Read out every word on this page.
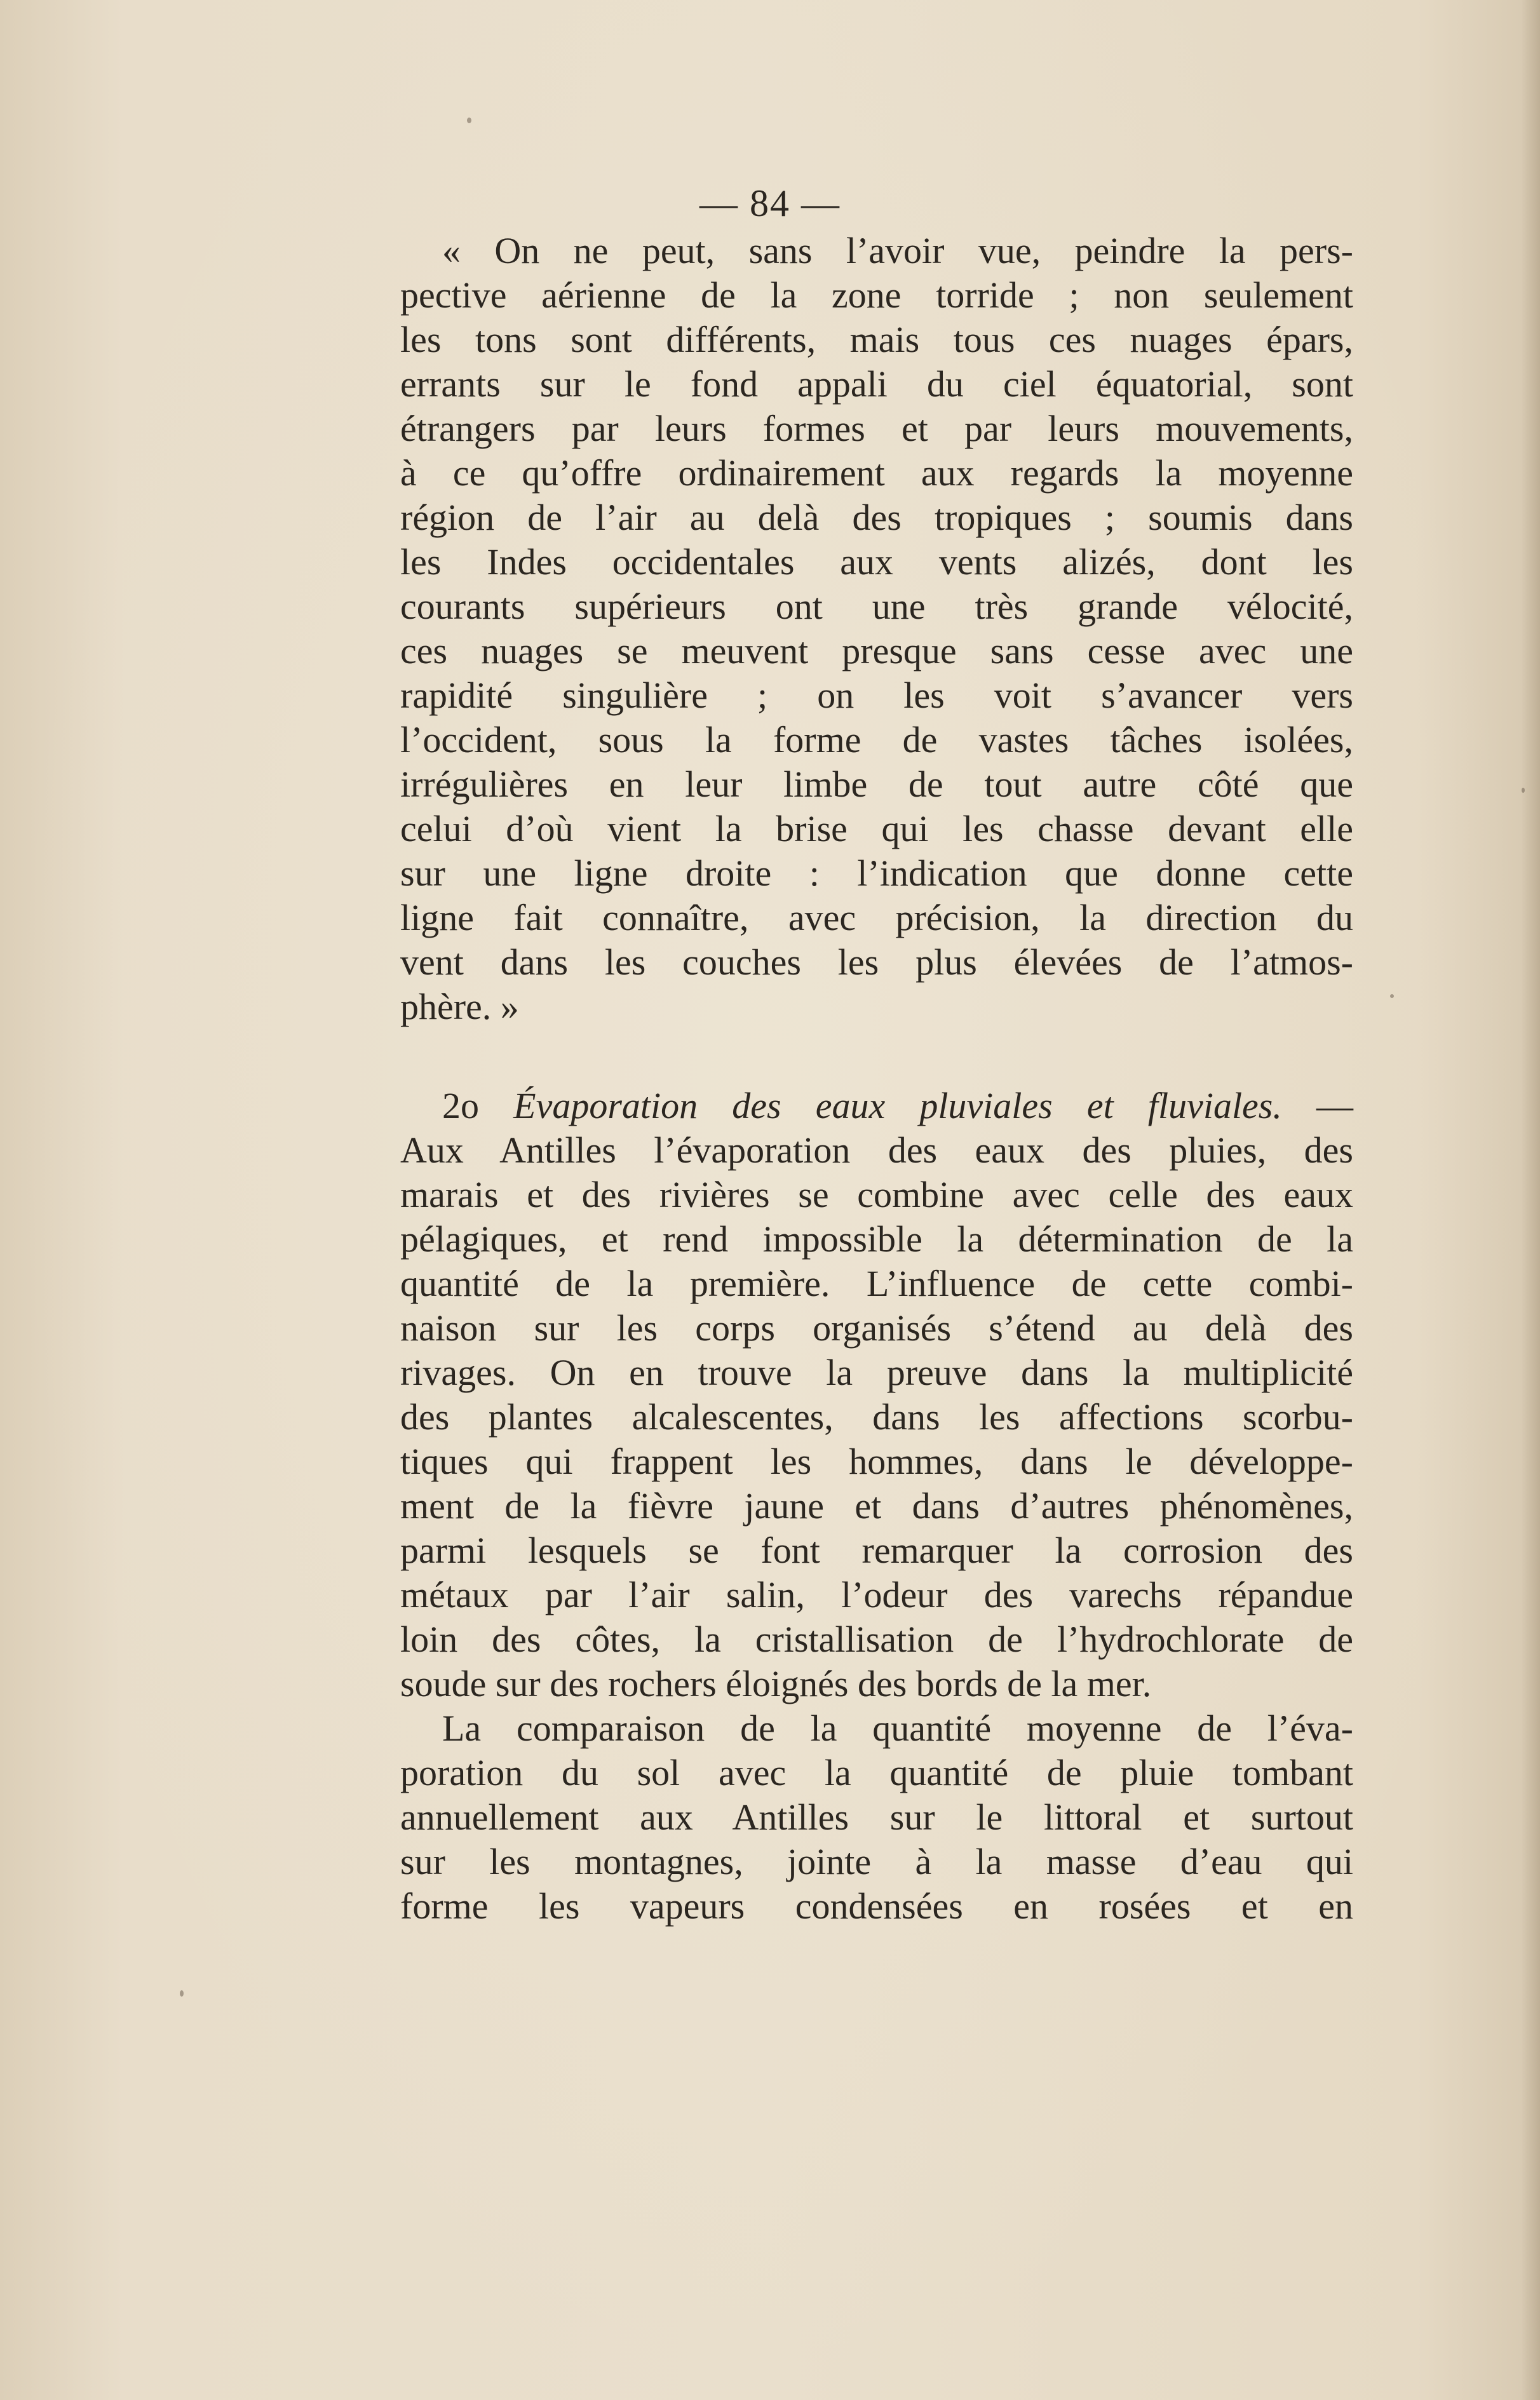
— 84 —
« On ne peut, sans l’avoir vue, peindre la pers-
pective aérienne de la zone torride ; non seulement
les tons sont différents, mais tous ces nuages épars,
errants sur le fond appali du ciel équatorial, sont
étrangers par leurs formes et par leurs mouvements,
à ce qu’offre ordinairement aux regards la moyenne
région de l’air au delà des tropiques ; soumis dans
les Indes occidentales aux vents alizés, dont les
courants supérieurs ont une très grande vélocité,
ces nuages se meuvent presque sans cesse avec une
rapidité singulière ; on les voit s’avancer vers
l’occident, sous la forme de vastes tâches isolées,
irrégulières en leur limbe de tout autre côté que
celui d’où vient la brise qui les chasse devant elle
sur une ligne droite : l’indication que donne cette
ligne fait connaître, avec précision, la direction du
vent dans les couches les plus élevées de l’atmos-
phère. »
2o Évaporation des eaux pluviales et fluviales. —
Aux Antilles l’évaporation des eaux des pluies, des
marais et des rivières se combine avec celle des eaux
pélagiques, et rend impossible la détermination de la
quantité de la première. L’influence de cette combi-
naison sur les corps organisés s’étend au delà des
rivages. On en trouve la preuve dans la multiplicité
des plantes alcalescentes, dans les affections scorbu-
tiques qui frappent les hommes, dans le développe-
ment de la fièvre jaune et dans d’autres phénomènes,
parmi lesquels se font remarquer la corrosion des
métaux par l’air salin, l’odeur des varechs répandue
loin des côtes, la cristallisation de l’hydrochlorate de
soude sur des rochers éloignés des bords de la mer.
La comparaison de la quantité moyenne de l’éva-
poration du sol avec la quantité de pluie tombant
annuellement aux Antilles sur le littoral et surtout
sur les montagnes, jointe à la masse d’eau qui
forme les vapeurs condensées en rosées et en
